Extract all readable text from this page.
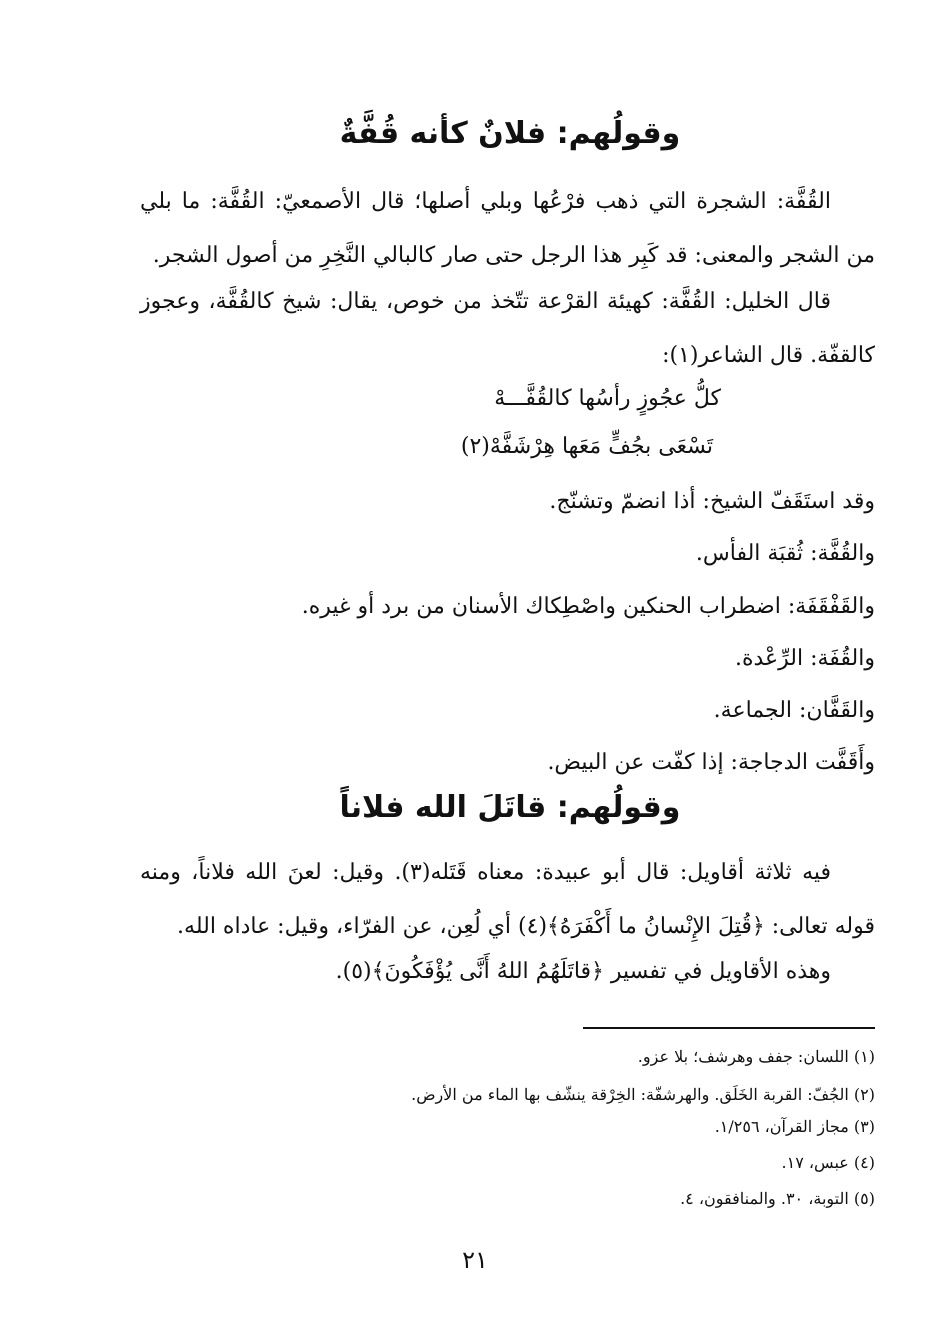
وقولُهم: فلانٌ كأنه قُفَّةٌ
القُفَّة: الشجرة التي ذهب فرْعُها وبلي أصلها؛ قال الأصمعيّ: القُفَّة: ما بلي من الشجر والمعنى: قد كَبِر هذا الرجل حتى صار كالبالي النَّخِرِ من أصول الشجر.
قال الخليل: القُفَّة: كهيئة القرْعة تتّخذ من خوص، يقال: شيخ كالقُفَّة، وعجوز كالقفّة. قال الشاعر(١):
كلُّ عجُوزٍ رأسُها كالقُفَّـــهْ
تَسْعَى بجُفٍّ مَعَها هِرْشَفَّهْ(٢)
وقد استَقَفّ الشيخ: أذا انضمّ وتشنّج.
والقُفَّة: ثُقبَة الفأس.
والقَفْقَفَة: اضطراب الحنكين واصْطِكاك الأسنان من برد أو غيره.
والقُفَة: الرِّعْدة.
والقَفَّان: الجماعة.
وأَقَفَّت الدجاجة: إذا كفّت عن البيض.
وقولُهم: قاتَلَ الله فلاناً
فيه ثلاثة أقاويل: قال أبو عبيدة: معناه قَتَله(٣). وقيل: لعنَ الله فلاناً، ومنه قوله تعالى: ﴿قُتِلَ الإِنْسانُ ما أَكْفَرَهُ﴾(٤) أي لُعِن، عن الفرّاء، وقيل: عاداه الله.
وهذه الأقاويل في تفسير ﴿قاتَلَهُمُ اللهُ أَنَّى يُؤْفَكُونَ﴾(٥).
(١) اللسان: جفف وهرشف؛ بلا عزو.
(٢) الجُفّ: القربة الخَلَق. والهرشفّة: الخِرْقة ينشّف بها الماء من الأرض.
(٣) مجاز القرآن، ١/٢٥٦.
(٤) عبس، ١٧.
(٥) التوبة، ٣٠. والمنافقون، ٤.
٢١
